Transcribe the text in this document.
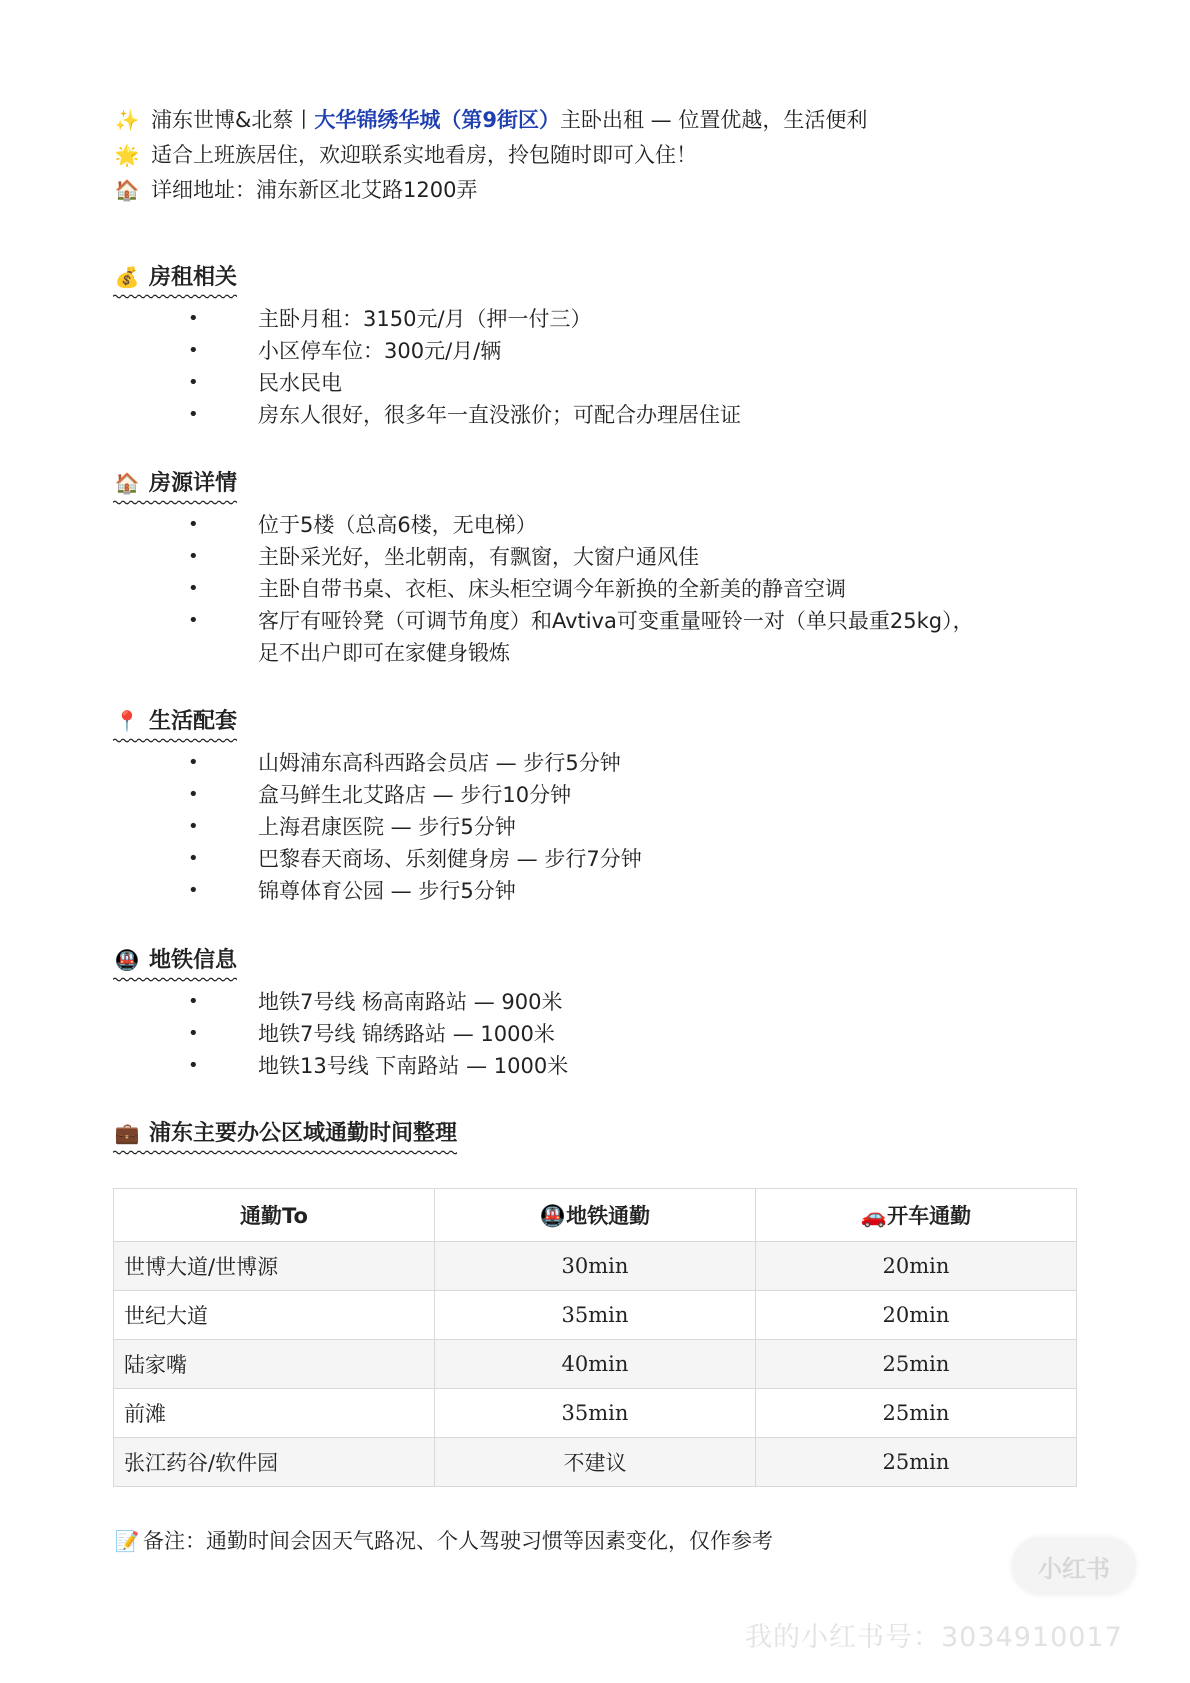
✨ 浦东世博&北蔡丨大华锦绣华城（第9街区）主卧出租 — 位置优越，生活便利
🌟 适合上班族居住，欢迎联系实地看房，拎包随时即可入住！
🏠 详细地址：浦东新区北艾路1200弄
💰 房租相关
•	主卧月租：3150元/月（押一付三）
•	小区停车位：300元/月/辆
•	民水民电
•	房东人很好，很多年一直没涨价；可配合办理居住证
🏠 房源详情
•	位于5楼（总高6楼，无电梯）
•	主卧采光好，坐北朝南，有飘窗，大窗户通风佳
•	主卧自带书桌、衣柜、床头柜空调今年新换的全新美的静音空调
•	客厅有哑铃凳（可调节角度）和Avtiva可变重量哑铃一对（单只最重25kg），
足不出户即可在家健身锻炼
📍 生活配套
•	山姆浦东高科西路会员店 — 步行5分钟
•	盒马鲜生北艾路店 — 步行10分钟
•	上海君康医院 — 步行5分钟
•	巴黎春天商场、乐刻健身房 — 步行7分钟
•	锦尊体育公园 — 步行5分钟
🚇 地铁信息
•	地铁7号线 杨高南路站 — 900米
•	地铁7号线 锦绣路站 — 1000米
•	地铁13号线 下南路站 — 1000米
💼 浦东主要办公区域通勤时间整理
通勤To	🚇地铁通勤	🚗开车通勤
世博大道/世博源	30min	20min
世纪大道	35min	20min
陆家嘴	40min	25min
前滩	35min	25min
张江药谷/软件园	不建议	25min
📝 备注：通勤时间会因天气路况、个人驾驶习惯等因素变化，仅作参考
小红书
我的小红书号：3034910017
